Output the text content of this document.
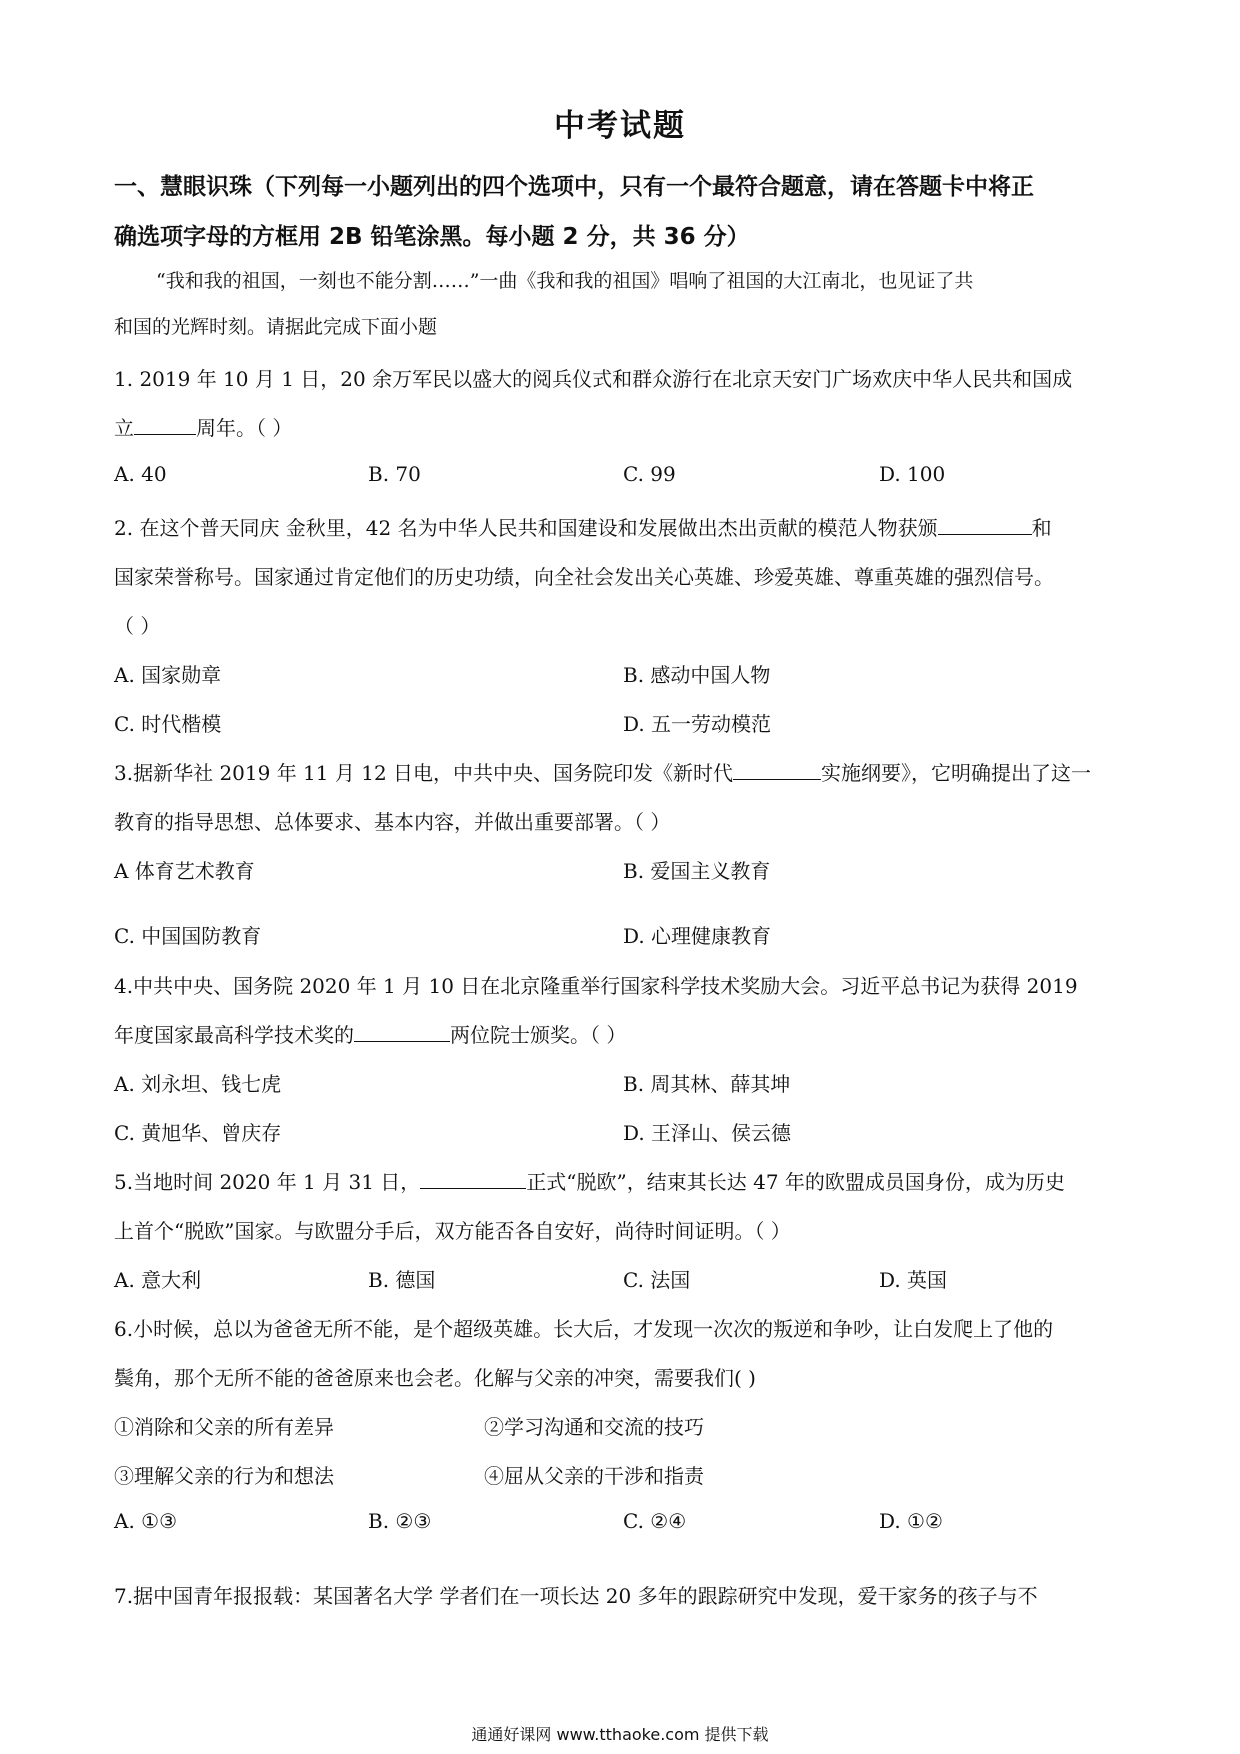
中考试题
一、慧眼识珠（下列每一小题列出的四个选项中，只有一个最符合题意，请在答题卡中将正
确选项字母的方框用 2B 铅笔涂黑。每小题 2 分，共 36 分）
“我和我的祖国，一刻也不能分割……”一曲《我和我的祖国》唱响了祖国的大江南北，也见证了共
和国的光辉时刻。请据此完成下面小题
1. 2019 年 10 月 1 日，20 余万军民以盛大的阅兵仪式和群众游行在北京天安门广场欢庆中华人民共和国成
立	周年。（ ）
A. 40	B. 70	C. 99	D. 100
2. 在这个普天同庆 金秋里，42 名为中华人民共和国建设和发展做出杰出贡献的模范人物获颁	和
国家荣誉称号。国家通过肯定他们的历史功绩，向全社会发出关心英雄、珍爱英雄、尊重英雄的强烈信号。
（ ）
A. 国家勋章	B. 感动中国人物
C. 时代楷模	D. 五一劳动模范
3.据新华社 2019 年 11 月 12 日电，中共中央、国务院印发《新时代	实施纲要》，它明确提出了这一
教育的指导思想、总体要求、基本内容，并做出重要部署。（ ）
A 体育艺术教育	B. 爱国主义教育
C. 中国国防教育	D. 心理健康教育
4.中共中央、国务院 2020 年 1 月 10 日在北京隆重举行国家科学技术奖励大会。习近平总书记为获得 2019
年度国家最高科学技术奖的	两位院士颁奖。（ ）
A. 刘永坦、钱七虎	B. 周其林、薛其坤
C. 黄旭华、曾庆存	D. 王泽山、侯云德
5.当地时间 2020 年 1 月 31 日，	正式“脱欧”，结束其长达 47 年的欧盟成员国身份，成为历史
上首个“脱欧”国家。与欧盟分手后，双方能否各自安好，尚待时间证明。（ ）
A. 意大利	B. 德国	C. 法国	D. 英国
6.小时候，总以为爸爸无所不能，是个超级英雄。长大后，才发现一次次的叛逆和争吵，让白发爬上了他的
鬓角，那个无所不能的爸爸原来也会老。化解与父亲的冲突，需要我们( )
①消除和父亲的所有差异	②学习沟通和交流的技巧
③理解父亲的行为和想法	④屈从父亲的干涉和指责
A. ①③	B. ②③	C. ②④	D. ①②
7.据中国青年报报载：某国著名大学 学者们在一项长达 20 多年的跟踪研究中发现，爱干家务的孩子与不
通通好课网 www.tthaoke.com 提供下载
